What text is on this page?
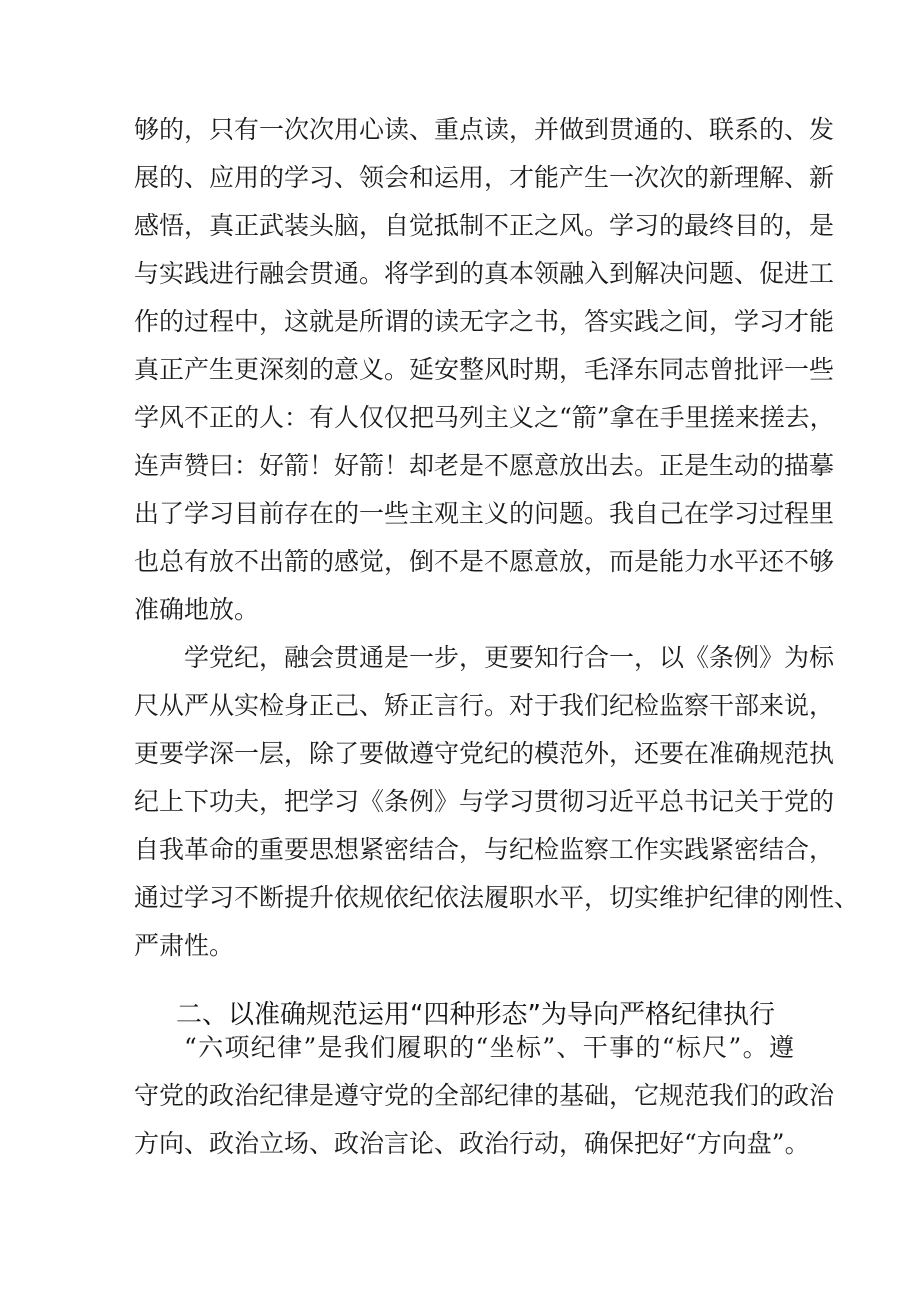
够的，只有一次次用心读、重点读，并做到贯通的、联系的、发
展的、应用的学习、领会和运用，才能产生一次次的新理解、新
感悟，真正武装头脑，自觉抵制不正之风。学习的最终目的，是
与实践进行融会贯通。将学到的真本领融入到解决问题、促进工
作的过程中，这就是所谓的读无字之书，答实践之间，学习才能
真正产生更深刻的意义。延安整风时期，毛泽东同志曾批评一些
学风不正的人：有人仅仅把马列主义之“箭”拿在手里搓来搓去，
连声赞曰：好箭！好箭！却老是不愿意放出去。正是生动的描摹
出了学习目前存在的一些主观主义的问题。我自己在学习过程里
也总有放不出箭的感觉，倒不是不愿意放，而是能力水平还不够
准确地放。
学党纪，融会贯通是一步，更要知行合一，以《条例》为标
尺从严从实检身正己、矫正言行。对于我们纪检监察干部来说，
更要学深一层，除了要做遵守党纪的模范外，还要在准确规范执
纪上下功夫，把学习《条例》与学习贯彻习近平总书记关于党的
自我革命的重要思想紧密结合，与纪检监察工作实践紧密结合，
通过学习不断提升依规依纪依法履职水平，切实维护纪律的刚性、
严肃性。
二、以准确规范运用“四种形态”为导向严格纪律执行
“六项纪律”是我们履职的“坐标”、干事的“标尺”。遵
守党的政治纪律是遵守党的全部纪律的基础，它规范我们的政治
方向、政治立场、政治言论、政治行动，确保把好“方向盘”。
